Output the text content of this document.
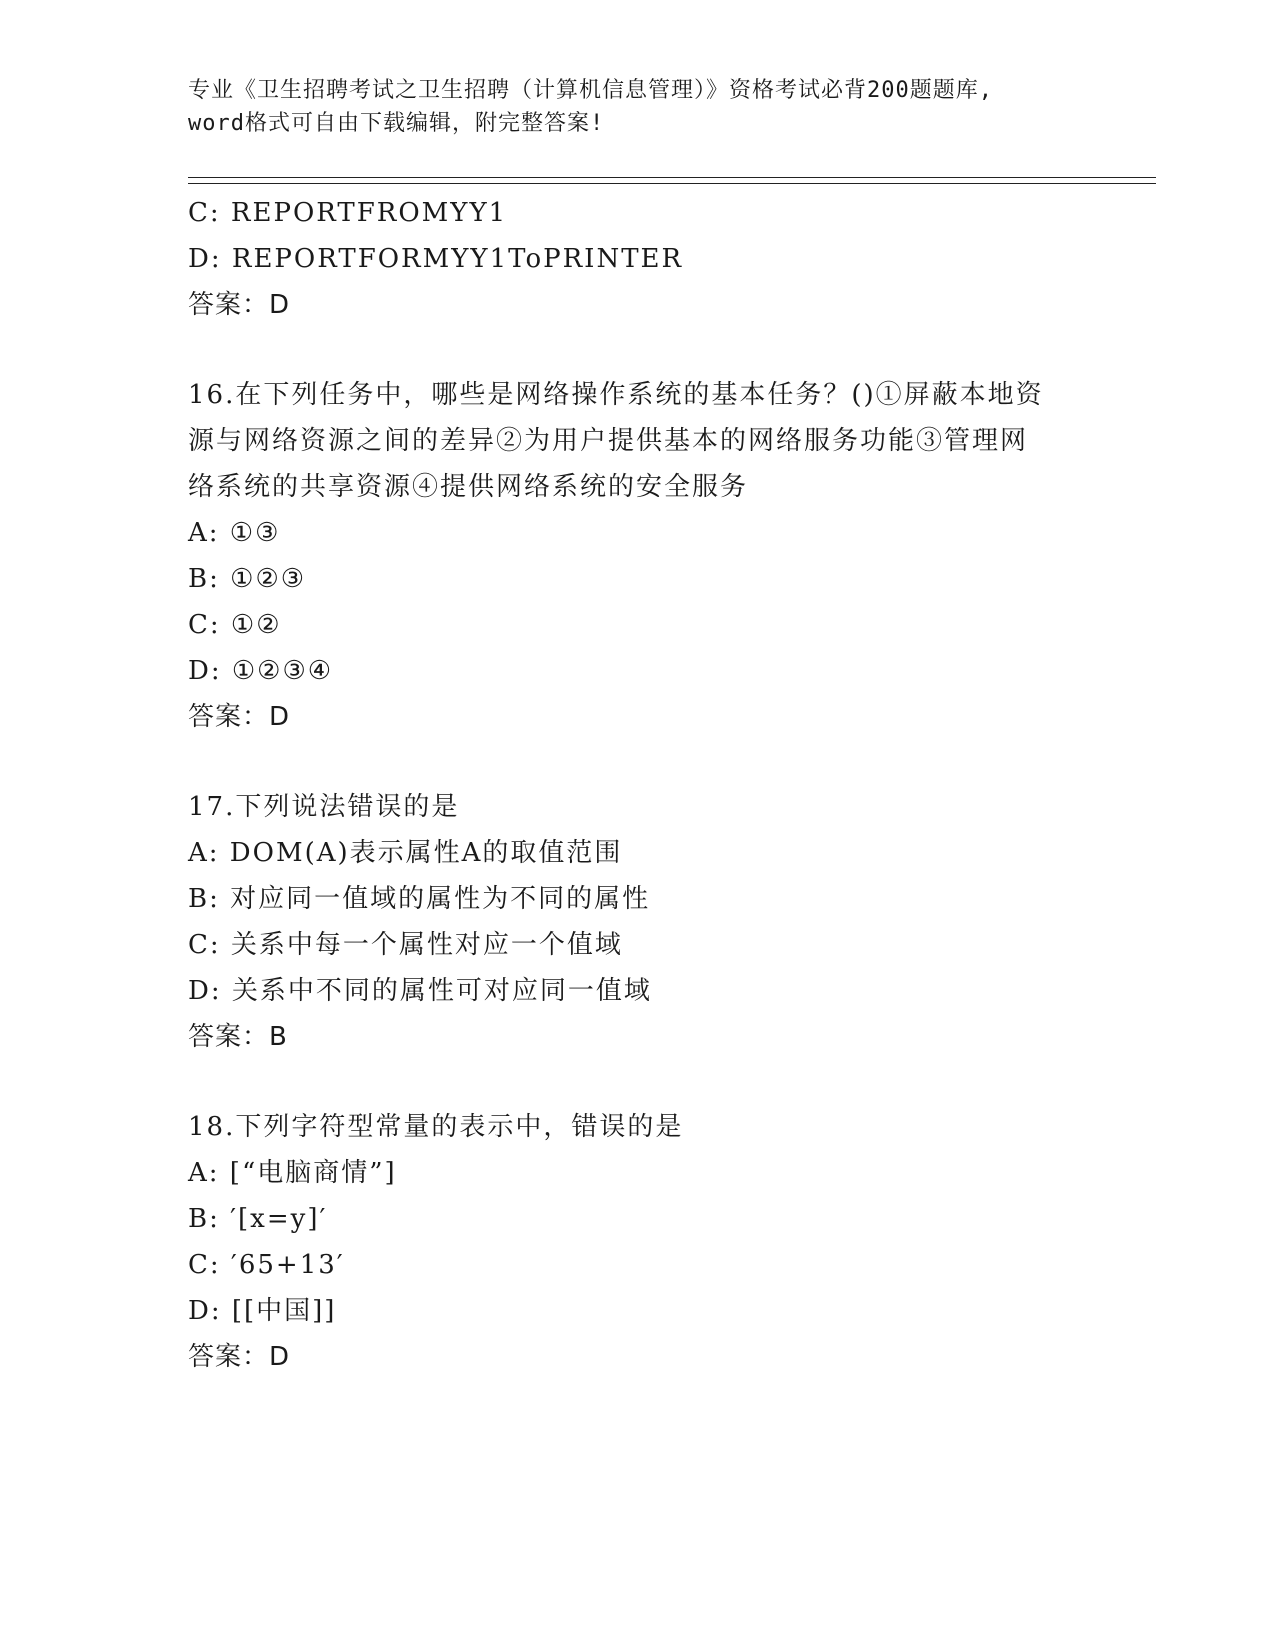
专业《卫生招聘考试之卫生招聘（计算机信息管理）》资格考试必背200题题库,
word格式可自由下载编辑，附完整答案!
C: REPORTFROMYY1
D: REPORTFORMYY1ToPRINTER
答案：D
16.在下列任务中，哪些是网络操作系统的基本任务？()①屏蔽本地资
源与网络资源之间的差异②为用户提供基本的网络服务功能③管理网
络系统的共享资源④提供网络系统的安全服务
A: ①③
B: ①②③
C: ①②
D: ①②③④
答案：D
17.下列说法错误的是
A: DOM(A)表示属性A的取值范围
B: 对应同一值域的属性为不同的属性
C: 关系中每一个属性对应一个值域
D: 关系中不同的属性可对应同一值域
答案：B
18.下列字符型常量的表示中，错误的是
A: [“电脑商情”]
B: ′[x=y]′
C: ′65+13′
D: [[中国]]
答案：D
